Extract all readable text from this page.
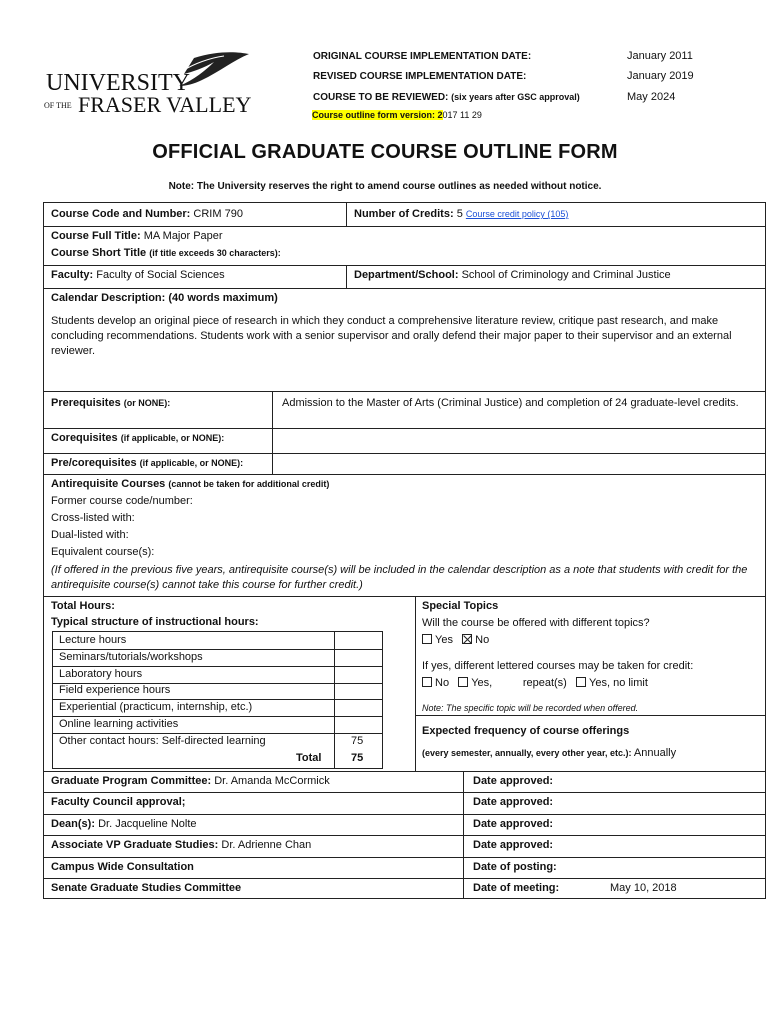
UNIVERSITY
OF THE FRASER VALLEY
ORIGINAL COURSE IMPLEMENTATION DATE:	January 2011
REVISED COURSE IMPLEMENTATION DATE:	January 2019
COURSE TO BE REVIEWED: (six years after GSC approval)	May 2024
Course outline form version: 2017 11 29
OFFICIAL GRADUATE COURSE OUTLINE FORM
Note: The University reserves the right to amend course outlines as needed without notice.
Course Code and Number: CRIM 790	Number of Credits: 5 Course credit policy (105)
Course Full Title: MA Major Paper
Course Short Title (if title exceeds 30 characters):
Faculty: Faculty of Social Sciences	Department/School: School of Criminology and Criminal Justice
Calendar Description: (40 words maximum)
Students develop an original piece of research in which they conduct a comprehensive literature review, critique past research, and make concluding recommendations. Students work with a senior supervisor and orally defend their major paper to their supervisor and an external reviewer.
Prerequisites (or NONE):	Admission to the Master of Arts (Criminal Justice) and completion of 24 graduate-level credits.
Corequisites (if applicable, or NONE):
Pre/corequisites (if applicable, or NONE):
Antirequisite Courses (cannot be taken for additional credit)
Former course code/number:
Cross-listed with:
Dual-listed with:
Equivalent course(s):
(If offered in the previous five years, antirequisite course(s) will be included in the calendar description as a note that students with credit for the antirequisite course(s) cannot take this course for further credit.)
Total Hours:
Typical structure of instructional hours:
Special Topics
Will the course be offered with different topics?
Yes No
If yes, different lettered courses may be taken for credit:
No Yes,	repeat(s) Yes, no limit
Note: The specific topic will be recorded when offered.
Expected frequency of course offerings
(every semester, annually, every other year, etc.): Annually
Graduate Program Committee: Dr. Amanda McCormick	Date approved:
Faculty Council approval;	Date approved:
Dean(s): Dr. Jacqueline Nolte	Date approved:
Associate VP Graduate Studies: Dr. Adrienne Chan	Date approved:
Campus Wide Consultation	Date of posting:
Senate Graduate Studies Committee	Date of meeting:	May 10, 2018
Lecture hours
Seminars/tutorials/workshops
Laboratory hours
Field experience hours
Experiential (practicum, internship, etc.)
Online learning activities
Other contact hours: Self-directed learning	75
Total	75
